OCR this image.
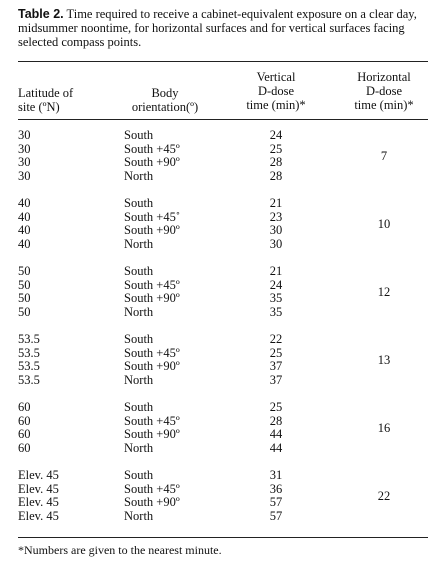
Table 2. Time required to receive a cabinet-equivalent exposure on a clear day, midsummer noontime, for horizontal surfaces and for vertical surfaces facing selected compass points.
Latitude of
site (ºN)
Body
orientation(º)
Vertical
D-dose
time (min)*
Horizontal
D-dose
time (min)*
30	South	24
30	South +45º	25
30	South +90º	28
30	North	28
7
40	South	21
40	South +45˚	23
40	South +90º	30
40	North	30
10
50	South	21
50	South +45º	24
50	South +90º	35
50	North	35
12
53.5	South	22
53.5	South +45º	25
53.5	South +90º	37
53.5	North	37
13
60	South	25
60	South +45º	28
60	South +90º	44
60	North	44
16
Elev. 45	South	31
Elev. 45	South +45º	36
Elev. 45	South +90º	57
Elev. 45	North	57
22
*Numbers are given to the nearest minute.
